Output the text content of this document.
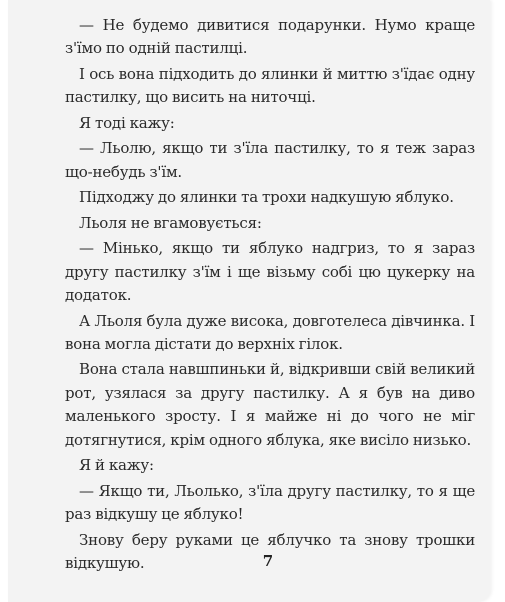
— Не будемо дивитися подарунки. Нумо краще з'їмо по одній пастилці.

І ось вона підходить до ялинки й миттю з'їдає одну пастилку, що висить на ниточці.

Я тоді кажу:

— Льолю, якщо ти з'їла пастилку, то я теж зараз що-небудь з'їм.

Підходжу до ялинки та трохи надкушую яблуко.

Льоля не вгамовується:

— Мінько, якщо ти яблуко надгриз, то я зараз другу пастилку з'їм і ще візьму собі цю цукерку на додаток.

А Льоля була дуже висока, довготелеса дівчинка. І вона могла дістати до верхніх гілок.

Вона стала навшпиньки й, відкривши свій великий рот, узялася за другу пастилку. А я був на диво маленького зросту. І я майже ні до чого не міг дотягнутися, крім одного яблука, яке висіло низько.

Я й кажу:

— Якщо ти, Льолько, з'їла другу пастилку, то я ще раз відкушу це яблуко!

Знову беру руками це яблучко та знову трошки відкушую.	7
